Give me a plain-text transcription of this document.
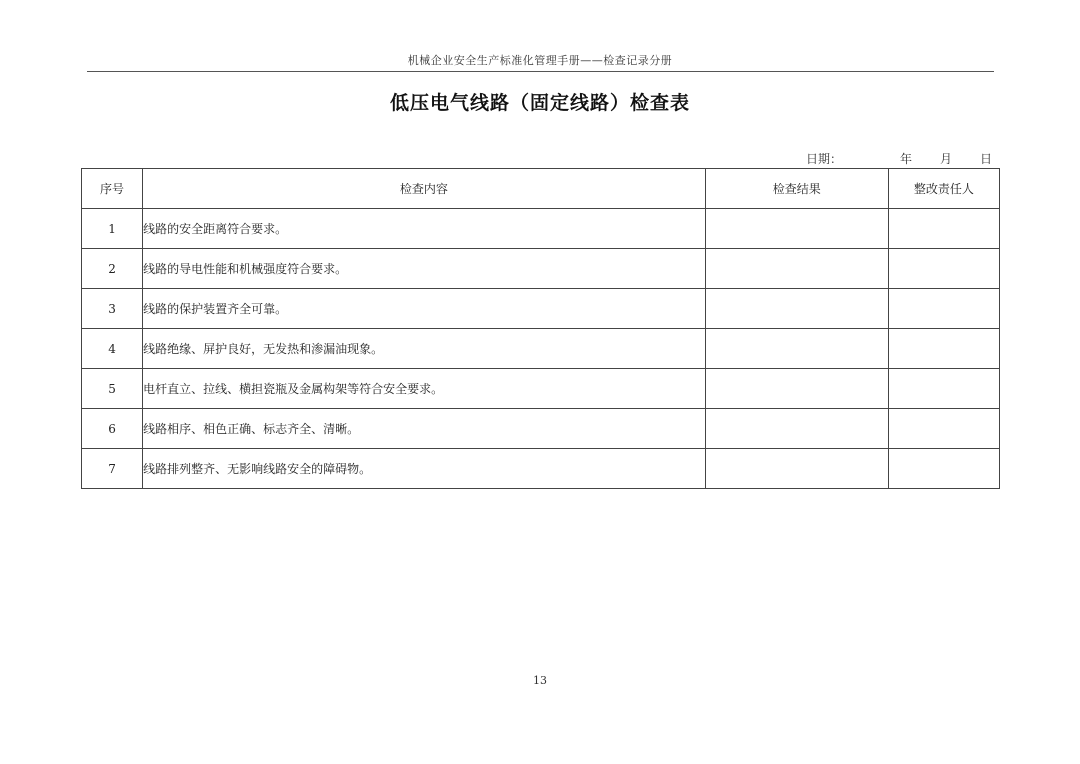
机械企业安全生产标准化管理手册——检查记录分册
低压电气线路（固定线路）检查表
日期：	年 月 日
序号	检查内容	检查结果	整改责任人
1	线路的安全距离符合要求。		
2	线路的导电性能和机械强度符合要求。		
3	线路的保护装置齐全可靠。		
4	线路绝缘、屏护良好，无发热和渗漏油现象。		
5	电杆直立、拉线、横担瓷瓶及金属构架等符合安全要求。		
6	线路相序、相色正确、标志齐全、清晰。		
7	线路排列整齐、无影响线路安全的障碍物。		
13
